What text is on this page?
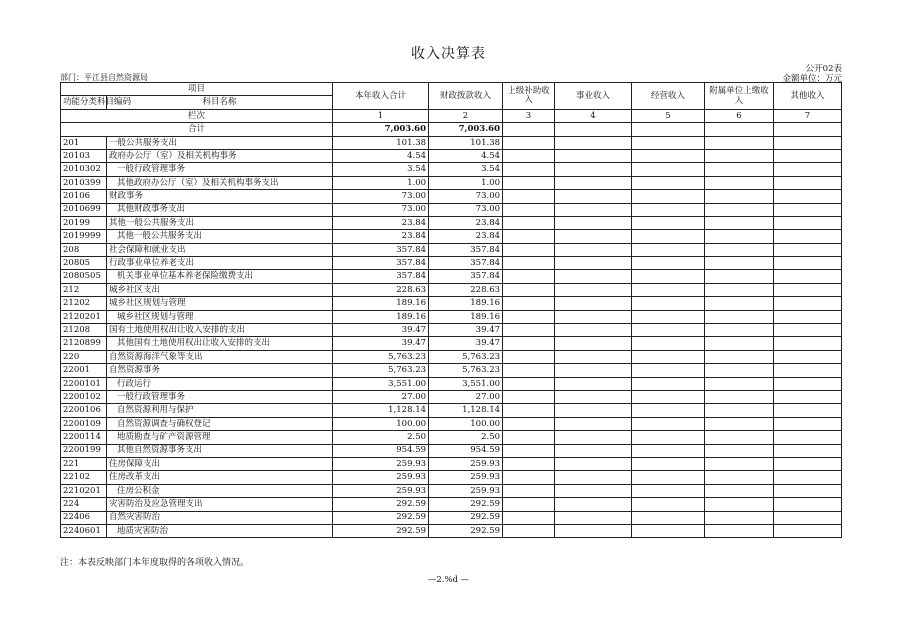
收入决算表
公开02表
部门：平江县自然资源局	金额单位：万元
项目		本年收入合计	财政拨款收入	上级补助收入	事业收入	经营收入	附属单位上缴收入	其他收入
功能分类科目编码	科目名称							
栏次		1	2	3	4	5	6	7
合计		7,003.60	7,003.60					
201	一般公共服务支出	101.38	101.38					
20103	政府办公厅（室）及相关机构事务	4.54	4.54					
2010302	一般行政管理事务	3.54	3.54					
2010399	其他政府办公厅（室）及相关机构事务支出	1.00	1.00					
20106	财政事务	73.00	73.00					
2010699	其他财政事务支出	73.00	73.00					
20199	其他一般公共服务支出	23.84	23.84					
2019999	其他一般公共服务支出	23.84	23.84					
208	社会保障和就业支出	357.84	357.84					
20805	行政事业单位养老支出	357.84	357.84					
2080505	机关事业单位基本养老保险缴费支出	357.84	357.84					
212	城乡社区支出	228.63	228.63					
21202	城乡社区规划与管理	189.16	189.16					
2120201	城乡社区规划与管理	189.16	189.16					
21208	国有土地使用权出让收入安排的支出	39.47	39.47					
2120899	其他国有土地使用权出让收入安排的支出	39.47	39.47					
220	自然资源海洋气象等支出	5,763.23	5,763.23					
22001	自然资源事务	5,763.23	5,763.23					
2200101	行政运行	3,551.00	3,551.00					
2200102	一般行政管理事务	27.00	27.00					
2200106	自然资源利用与保护	1,128.14	1,128.14					
2200109	自然资源调查与确权登记	100.00	100.00					
2200114	地质勘查与矿产资源管理	2.50	2.50					
2200199	其他自然资源事务支出	954.59	954.59					
221	住房保障支出	259.93	259.93					
22102	住房改革支出	259.93	259.93					
2210201	住房公积金	259.93	259.93					
224	灾害防治及应急管理支出	292.59	292.59					
22406	自然灾害防治	292.59	292.59					
2240601	地质灾害防治	292.59	292.59					
注：本表反映部门本年度取得的各项收入情况。
—2.%d —
